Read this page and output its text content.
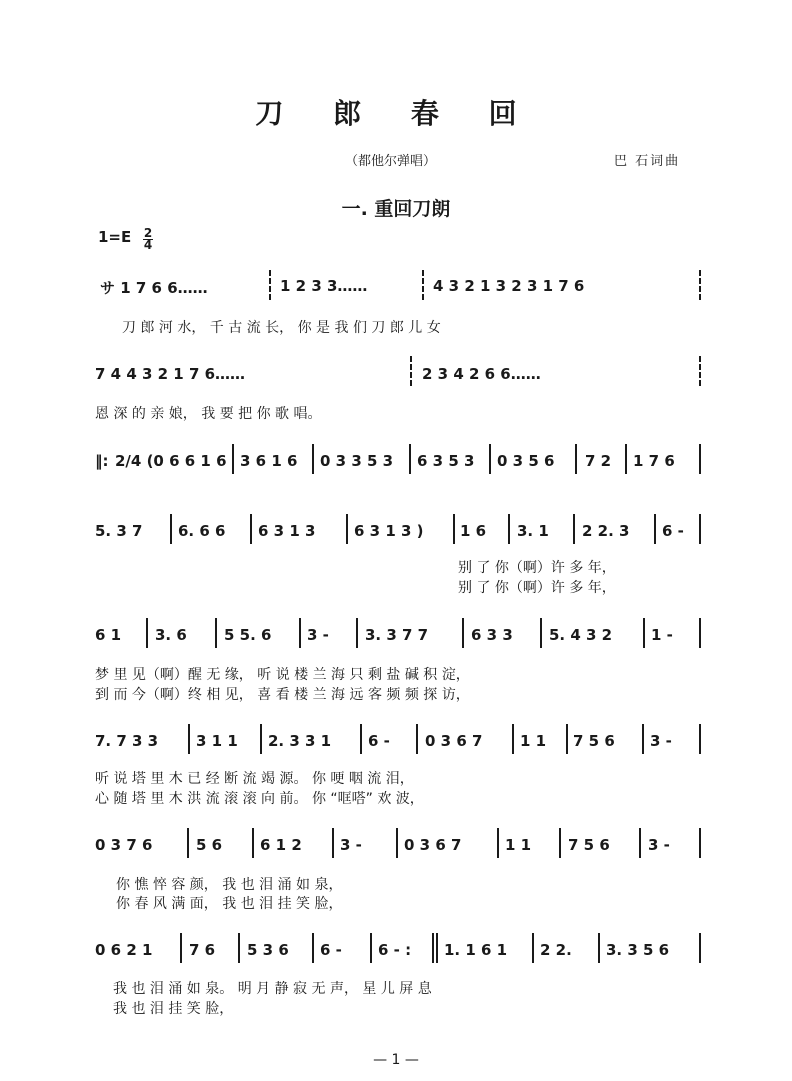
刀 郎 春 回
（都他尔弹唱）	巴 石词曲
一. 重回刀朗
1=E 2
4
サ 1 7 6 6……	1 2 3 3……	4 3 2 1 3 2 3 1 7 6
刀 郎 河 水， 千 古 流 长， 你 是 我 们 刀 郎 儿 女
7 4 4 3 2 1 7 6……	2 3 4 2 6 6……
恩 深 的 亲 娘， 我 要 把 你 歌 唱。
‖: 2/4 (0 6 6 1 6 3 6 1 6 0 3 3 5 3 6 3 5 3 0 3 5 6 7 2 1 7 6
5. 3 7 6. 6 6 6 3 1 3	6 3 1 3 ) 1 6 3. 1 2 2. 3 6 -
别 了 你（啊）许 多 年，
别 了 你（啊）许 多 年，
6 1 3. 6 5 5. 6 3 - 3. 3 7 7	6 3 3 5. 4 3 2	1 -
梦 里 见（啊）醒 无 缘， 听 说 楼 兰 海 只 剩 盐 碱 积 淀，
到 而 今（啊）终 相 见， 喜 看 楼 兰 海 远 客 频 频 探 访，
7. 7 3 3	3 1 1 2. 3 3 1 6 - 0 3 6 7	1 1 7 5 6 3 -
听 说 塔 里 木 已 经 断 流 竭 源。 你 哽 咽 流 泪，
心 随 塔 里 木 洪 流 滚 滚 向 前。 你 “哐嗒” 欢 波，
0 3 7 6	5 6	6 1 2	3 -	0 3 6 7	1 1 7 5 6	3 -
你 憔 悴 容 颜， 我 也 泪 涌 如 泉，
你 春 风 满 面， 我 也 泪 挂 笑 脸，
0 6 2 1 7 6 5 3 6 6 - 6 - : 1. 1 6 1 2 2. 3. 3 5 6
我 也 泪 涌 如 泉。 明 月 静 寂 无 声， 星 儿 屏 息
我 也 泪 挂 笑 脸，
— 1 —
